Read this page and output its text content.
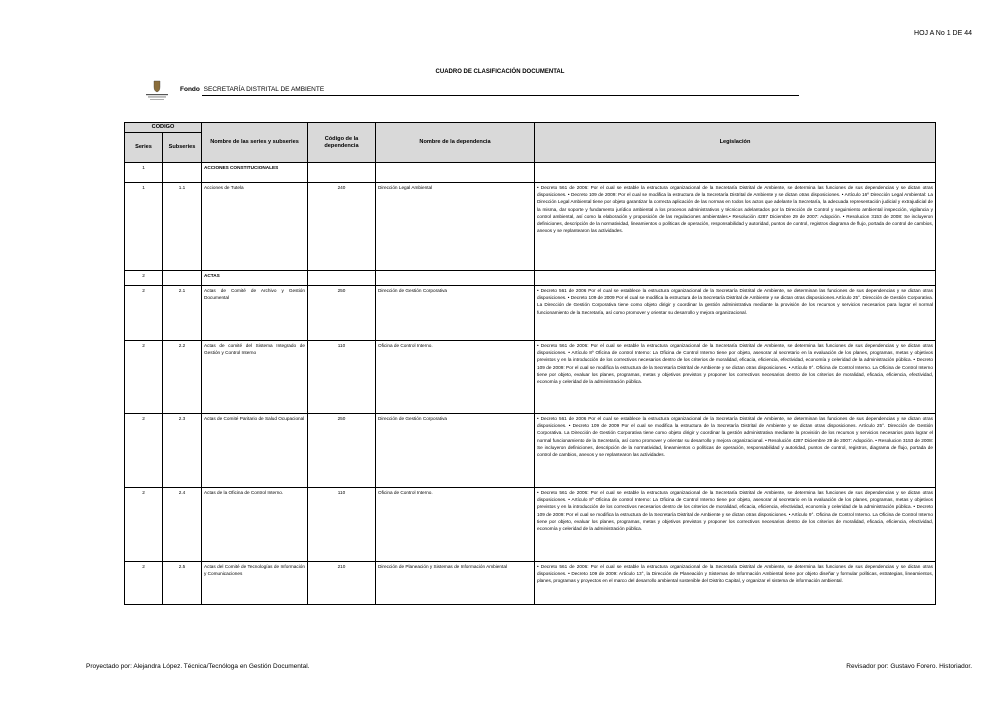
HOJ A No 1 DE 44
CUADRO DE CLASIFICACIÓN DOCUMENTAL
Fondo SECRETARÍA DISTRITAL DE AMBIENTE
CODIGO		Nombre de las series y subseries	Código de la dependencia	Nombre de la dependencia	Legislación
Series	Subseries				
1		ACCIONES CONSTITUCIONALES			
1	1.1	Acciones de Tutela	240	Dirección Legal Ambiental	• Decreto 561 de 2006: Por el cual se estable la estructura organizacional de la Secretaría Distrital de Ambiente, se determina las funciones de sus dependencias y se dictan otras disposiciones. • Decreto 109 de 2009: Por el cual se modifica la estructura de la Secretaría Distrital de Ambiente y se dictan otras disposiciones. • Artículo 16º Dirección Legal Ambiental: La Dirección Legal Ambiental tiene por objeto garantizar la correcta aplicación de las normas en todos los actos que adelante la Secretaría, la adecuada representación judicial y extrajudicial de la misma, dar soporte y fundamento jurídico ambiental a los procesos administrativos y técnicos adelantados por la Dirección de Control y seguimiento ambiental inspección, vigilancia y control ambiental, así como la elaboración y proposición de las regulaciones ambientales.• Resolución 4287 Diciembre 29 de 2007: Adopción. • Resolucion 3153 de 2008: Se incluyeron definiciones, descripción de la normatividad, lineamientos o políticas de operación, responsabilidad y autoridad, puntos de control, registros diagrama de flujo, portada de control de cambios, anexos y se replantearon las actividades.
2		ACTAS			
2	2.1	Actas de Comité de Archivo y Gestión Documental	250	Dirección de Gestión Corporativa	• Decreto 561 de 2006 Por el cual se establece la estructura organizacional de la Secretaría Distrital de Ambiente, se determinan las funciones de sus dependencias y se dictan otras disposiciones. • Decreto 109 de 2009 Por el cual se modifica la estructura de la Secretaría Distrital de Ambiente y se dictan otras disposiciones.Artículo 25°. Dirección de Gestión Corporativa. La Dirección de Gestión Corporativa tiene como objeto dirigir y coordinar la gestión administrativa mediante la provisión de los recursos y servicios necesarios para lograr el normal funcionamiento de la Secretaría, así como promover y orientar su desarrollo y mejora organizacional.
2	2.2	Actas de comité del Sistema Integrado de Gestión y Control Interno	110	Oficina de Control Interno.	• Decreto 561 de 2006: Por el cual se estable la estructura organizacional de la Secretaría Distrital de Ambiente, se determina las funciones de sus dependencias y se dictan otras disposiciones. • Artículo 8º Oficina de control Interno: La Oficina de Control Interno tiene por objeto, asesorar al secretario en la evaluación de los planes, programas, metas y objetivos previstos y en la introducción de los correctivos necesarios dentro de los criterios de moralidad, eficacia, eficiencia, efectividad, economía y celeridad de la administración pública. • Decreto 109 de 2009: Por el cual se modifica la estructura de la Secretaría Distrital de Ambiente y se dictan otras disposiciones. • Artículo 9°. Oficina de Control Interno. La Oficina de Control Interno tiene por objeto, evaluar los planes, programas, metas y objetivos previstos y proponer los correctivos necesarios dentro de los criterios de moralidad, eficacia, eficiencia, efectividad, economía y celeridad de la administración pública.
2	2.3	Actas de Comité Paritario de Salud Ocupacional	250	Dirección de Gestión Corporativa	• Decreto 561 de 2006 Por el cual se establece la estructura organizacional de la Secretaría Distrital de Ambiente, se determinan las funciones de sus dependencias y se dictan otras disposiciones. • Decreto 109 de 2009 Por el cual se modifica la estructura de la Secretaría Distrital de Ambiente y se dictan otras disposiciones. Artículo 25°. Dirección de Gestión Corporativa. La Dirección de Gestión Corporativa tiene como objeto dirigir y coordinar la gestión administrativa mediante la provisión de los recursos y servicios necesarios para lograr el normal funcionamiento de la Secretaría, así como promover y orientar su desarrollo y mejora organizacional. • Resolución 4287 Diciembre 29 de 2007: Adopción. • Resolucion 3153 de 2008: Se incluyeron definiciones, descripción de la normatividad, lineamientos o políticas de operación, responsabilidad y autoridad, puntos de control, registros, diagrama de flujo, portada de control de cambios, anexos y se replantearon las actividades.
2	2.4	Actas de la Oficina de Control Interno.	110	Oficina de Control Interno.	• Decreto 561 de 2006: Por el cual se estable la estructura organizacional de la Secretaría Distrital de Ambiente, se determina las funciones de sus dependencias y se dictan otras disposiciones. • Artículo 8º Oficina de control Interno: La Oficina de Control Interno tiene por objeto, asesorar al secretario en la evaluación de los planes, programas, metas y objetivos previstos y en la introducción de los correctivos necesarios dentro de los criterios de moralidad, eficacia, eficiencia, efectividad, economía y celeridad de la administración pública. • Decreto 109 de 2009: Por el cual se modifica la estructura de la Secretaría Distrital de Ambiente y se dictan otras disposiciones. • Artículo 9°. Oficina de Control Interno. La Oficina de Control Interno tiene por objeto, evaluar los planes, programas, metas y objetivos previstos y proponer los correctivos necesarios dentro de los criterios de moralidad, eficacia, eficiencia, efectividad, economía y celeridad de la administración pública.
2	2.5	Actas del Comité de Tecnologías de Información y Comunicaciones	210	Dirección de Planeación y Sistemas de Información Ambiental	• Decreto 561 de 2006: Por el cual se estable la estructura organizacional de la Secretaría Distrital de Ambiente, se determina las funciones de sus dependencias y se dictan otras disposiciones. • Decreto 109 de 2009: Artículo 13°, la Dirección de Planeación y Sistemas de Información Ambiental tiene por objeto diseñar y formular políticas, estrategias, lineamientos, planes, programas y proyectos en el marco del desarrollo ambiental sostenible del Distrito Capital, y organizar el sistema de información ambiental.
Proyectado por: Alejandra López. Técnica/Tecnóloga en Gestión Documental.	Revisador por: Gustavo Forero. Historiador.
